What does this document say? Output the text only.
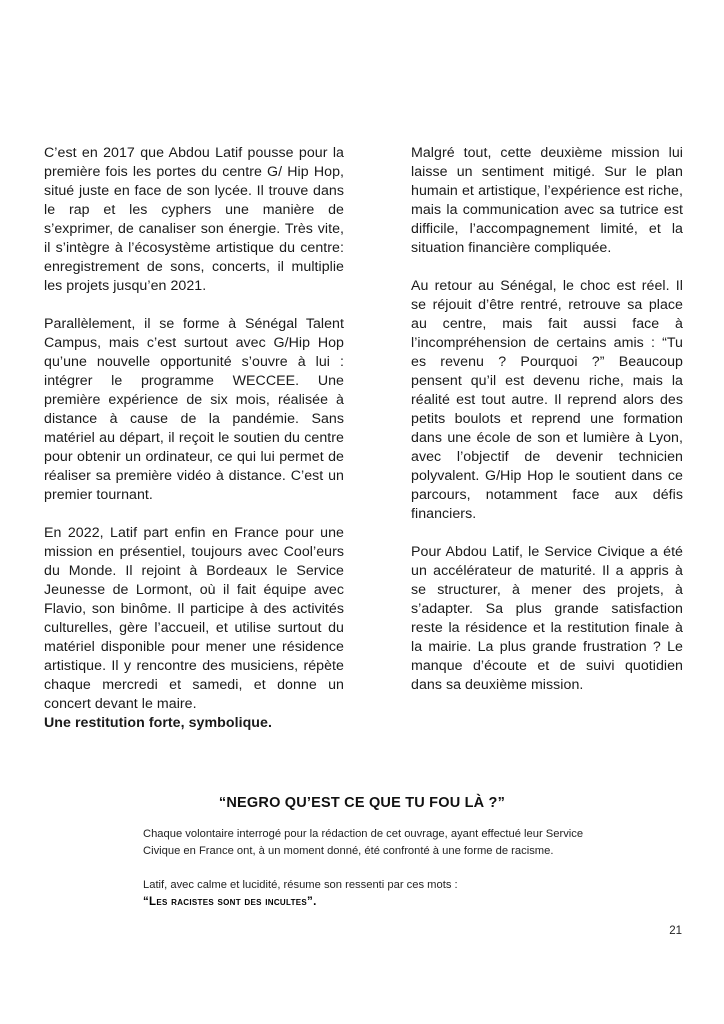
C’est en 2017 que Abdou Latif pousse pour la première fois les portes du centre G/ Hip Hop, situé juste en face de son lycée. Il trouve dans le rap et les cyphers une manière de s’exprimer, de canaliser son énergie. Très vite, il s’intègre à l’écosystème artistique du centre: enregistrement de sons, concerts, il multiplie les projets jusqu’en 2021.

Parallèlement, il se forme à Sénégal Talent Campus, mais c’est surtout avec G/Hip Hop qu’une nouvelle opportunité s’ouvre à lui : intégrer le programme WECCEE. Une première expérience de six mois, réalisée à distance à cause de la pandémie. Sans matériel au départ, il reçoit le soutien du centre pour obtenir un ordinateur, ce qui lui permet de réaliser sa première vidéo à distance. C’est un premier tournant.

En 2022, Latif part enfin en France pour une mission en présentiel, toujours avec Cool’eurs du Monde. Il rejoint à Bordeaux le Service Jeunesse de Lormont, où il fait équipe avec Flavio, son binôme. Il participe à des activités culturelles, gère l’accueil, et utilise surtout du matériel disponible pour mener une résidence artistique. Il y rencontre des musiciens, répète chaque mercredi et samedi, et donne un concert devant le maire.

Une restitution forte, symbolique.

Malgré tout, cette deuxième mission lui laisse un sentiment mitigé. Sur le plan humain et artistique, l’expérience est riche, mais la communication avec sa tutrice est difficile, l’accompagnement limité, et la situation financière compliquée.

Au retour au Sénégal, le choc est réel. Il se réjouit d’être rentré, retrouve sa place au centre, mais fait aussi face à l’incompréhension de certains amis : “Tu es revenu ? Pourquoi ?” Beaucoup pensent qu’il est devenu riche, mais la réalité est tout autre. Il reprend alors des petits boulots et reprend une formation dans une école de son et lumière à Lyon, avec l’objectif de devenir technicien polyvalent. G/Hip Hop le soutient dans ce parcours, notamment face aux défis financiers.

Pour Abdou Latif, le Service Civique a été un accélérateur de maturité. Il a appris à se structurer, à mener des projets, à s’adapter. Sa plus grande satisfaction reste la résidence et la restitution finale à la mairie. La plus grande frustration ? Le manque d’écoute et de suivi quotidien dans sa deuxième mission.

“NEGRO QU’EST CE QUE TU FOU LÀ ?”

Chaque volontaire interrogé pour la rédaction de cet ouvrage, ayant effectué leur Service Civique en France ont, à un moment donné, été confronté à une forme de racisme.

Latif, avec calme et lucidité, résume son ressenti par ces mots :
“Les racistes sont des incultes”.

21
